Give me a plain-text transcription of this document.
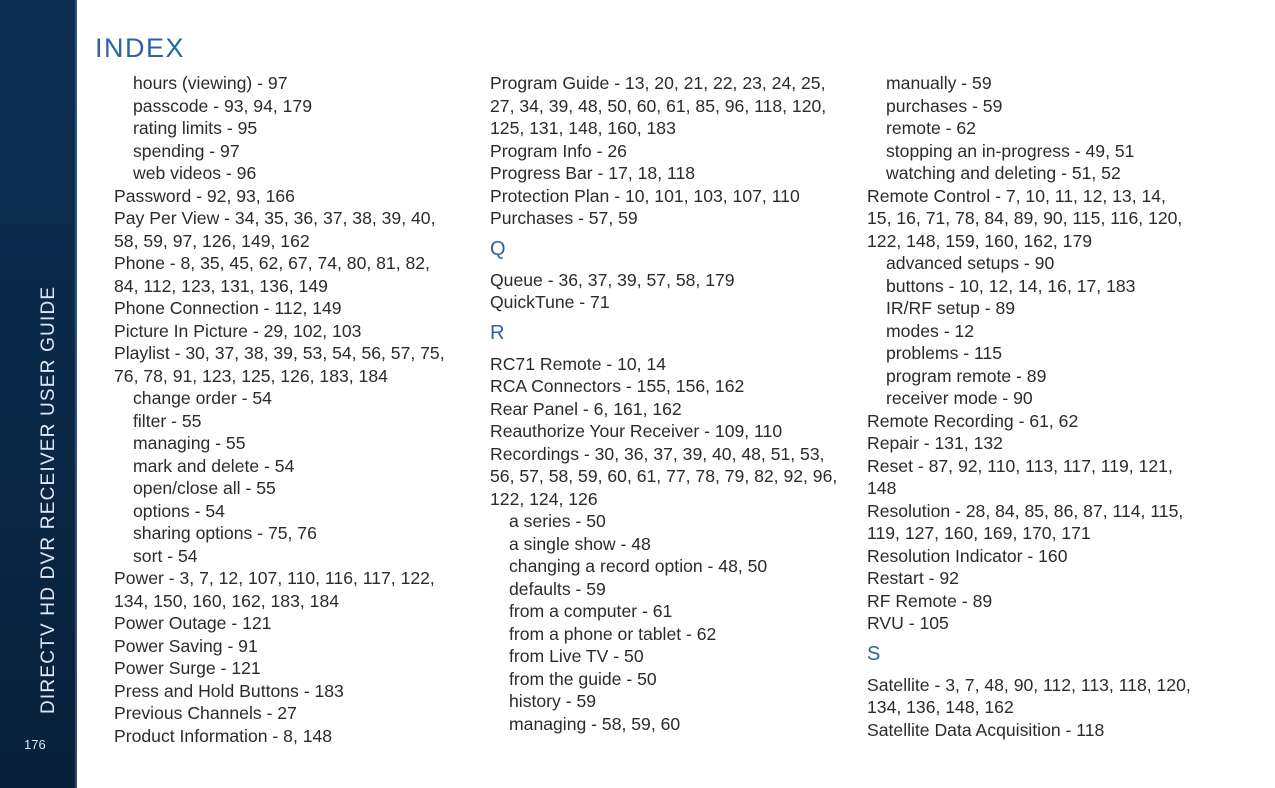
DIRECTV HD DVR RECEIVER USER GUIDE
176
INDEX
hours (viewing) - 97
passcode - 93, 94, 179
rating limits - 95
spending - 97
web videos - 96
Password - 92, 93, 166
Pay Per View - 34, 35, 36, 37, 38, 39, 40,
58, 59, 97, 126, 149, 162
Phone - 8, 35, 45, 62, 67, 74, 80, 81, 82,
84, 112, 123, 131, 136, 149
Phone Connection - 112, 149
Picture In Picture - 29, 102, 103
Playlist - 30, 37, 38, 39, 53, 54, 56, 57, 75,
76, 78, 91, 123, 125, 126, 183, 184
change order - 54
filter - 55
managing - 55
mark and delete - 54
open/close all - 55
options - 54
sharing options - 75, 76
sort - 54
Power - 3, 7, 12, 107, 110, 116, 117, 122,
134, 150, 160, 162, 183, 184
Power Outage - 121
Power Saving - 91
Power Surge - 121
Press and Hold Buttons - 183
Previous Channels - 27
Product Information - 8, 148
Program Guide - 13, 20, 21, 22, 23, 24, 25,
27, 34, 39, 48, 50, 60, 61, 85, 96, 118, 120,
125, 131, 148, 160, 183
Program Info - 26
Progress Bar - 17, 18, 118
Protection Plan - 10, 101, 103, 107, 110
Purchases - 57, 59
Q
Queue - 36, 37, 39, 57, 58, 179
QuickTune - 71
R
RC71 Remote - 10, 14
RCA Connectors - 155, 156, 162
Rear Panel - 6, 161, 162
Reauthorize Your Receiver - 109, 110
Recordings - 30, 36, 37, 39, 40, 48, 51, 53,
56, 57, 58, 59, 60, 61, 77, 78, 79, 82, 92, 96,
122, 124, 126
a series - 50
a single show - 48
changing a record option - 48, 50
defaults - 59
from a computer - 61
from a phone or tablet - 62
from Live TV - 50
from the guide - 50
history - 59
managing - 58, 59, 60
manually - 59
purchases - 59
remote - 62
stopping an in-progress - 49, 51
watching and deleting - 51, 52
Remote Control - 7, 10, 11, 12, 13, 14,
15, 16, 71, 78, 84, 89, 90, 115, 116, 120,
122, 148, 159, 160, 162, 179
advanced setups - 90
buttons - 10, 12, 14, 16, 17, 183
IR/RF setup - 89
modes - 12
problems - 115
program remote - 89
receiver mode - 90
Remote Recording - 61, 62
Repair - 131, 132
Reset - 87, 92, 110, 113, 117, 119, 121,
148
Resolution - 28, 84, 85, 86, 87, 114, 115,
119, 127, 160, 169, 170, 171
Resolution Indicator - 160
Restart - 92
RF Remote - 89
RVU - 105
S
Satellite - 3, 7, 48, 90, 112, 113, 118, 120,
134, 136, 148, 162
Satellite Data Acquisition - 118
